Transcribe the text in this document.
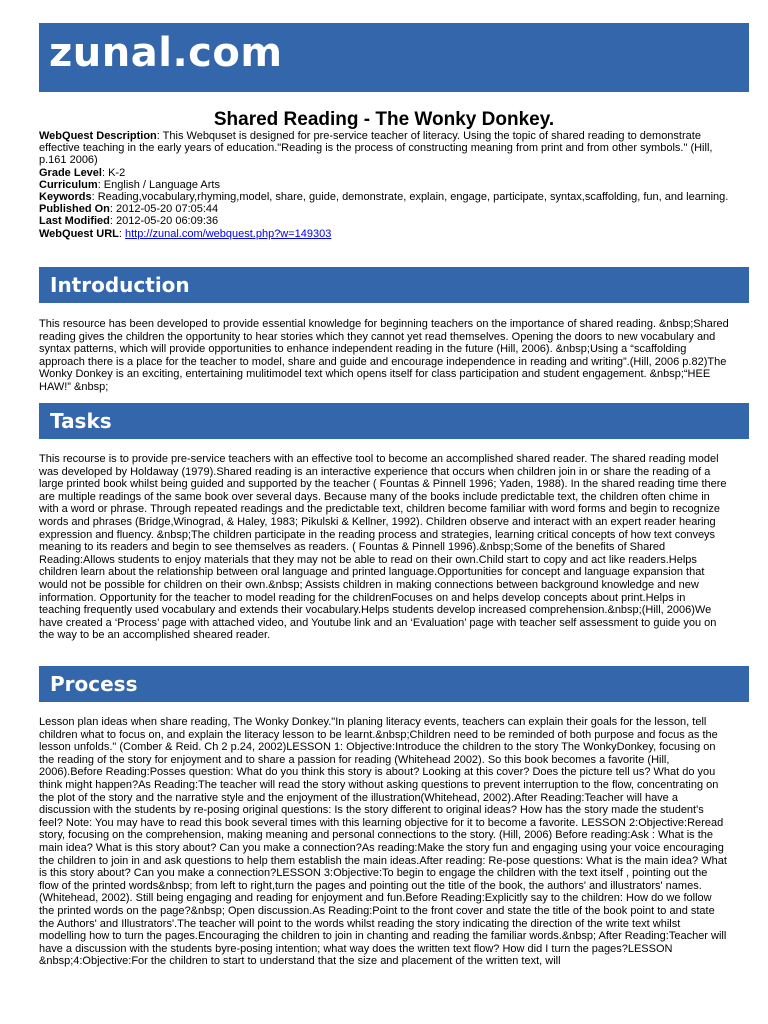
zunal.com
Shared Reading - The Wonky Donkey.

WebQuest Description: This Webquset is designed for pre-service teacher of literacy. Using the topic of shared reading to demonstrate effective teaching in the early years of education."Reading is the process of constructing meaning from print and from other symbols." (Hill, p.161 2006)

Grade Level: K-2

Curriculum: English / Language Arts

Keywords: Reading,vocabulary,rhyming,model, share, guide, demonstrate, explain, engage, participate, syntax,scaffolding, fun, and learning.

Published On: 2012-05-20 07:05:44

Last Modified: 2012-05-20 06:09:36

WebQuest URL: http://zunal.com/webquest.php?w=149303

Introduction

This resource has been developed to provide essential knowledge for beginning teachers on the importance of shared reading. &nbsp;Shared reading gives the children the opportunity to hear stories which they cannot yet read themselves. Opening the doors to new vocabulary and syntax patterns, which will provide opportunities to enhance independent reading in the future (Hill, 2006). &nbsp;Using a “scaffolding approach there is a place for the teacher to model, share and guide and encourage independence in reading and writing”.(Hill, 2006 p.82)The Wonky Donkey is an exciting, entertaining mulitimodel text which opens itself for class participation and student engagement. &nbsp;“HEE HAW!” &nbsp;

Tasks

This recourse is to provide pre-service teachers with an effective tool to become an accomplished shared reader. The shared reading model was developed by Holdaway (1979).Shared reading is an interactive experience that occurs when children join in or share the reading of a large printed book whilst being guided and supported by the teacher ( Fountas & Pinnell 1996; Yaden, 1988). In the shared reading time there are multiple readings of the same book over several days. Because many of the books include predictable text, the children often chime in with a word or phrase. Through repeated readings and the predictable text, children become familiar with word forms and begin to recognize words and phrases (Bridge,Winograd, & Haley, 1983; Pikulski & Kellner, 1992). Children observe and interact with an expert reader hearing expression and fluency. &nbsp;The children participate in the reading process and strategies, learning critical concepts of how text conveys meaning to its readers and begin to see themselves as readers. ( Fountas & Pinnell 1996).&nbsp;Some of the benefits of Shared Reading:Allows students to enjoy materials that they may not be able to read on their own.Child start to copy and act like readers.Helps children learn about the relationship between oral language and printed language.Opportunities for concept and language expansion that would not be possible for children on their own.&nbsp; Assists children in making connections between background knowledge and new information. Opportunity for the teacher to model reading for the childrenFocuses on and helps develop concepts about print.Helps in teaching frequently used vocabulary and extends their vocabulary.Helps students develop increased comprehension.&nbsp;(Hill, 2006)We have created a ‘Process’ page with attached video, and Youtube link and an ‘Evaluation’ page with teacher self assessment to guide you on the way to be an accomplished sheared reader.

Process

Lesson plan ideas when share reading, The Wonky Donkey."In planing literacy events, teachers can explain their goals for the lesson, tell children what to focus on, and explain the literacy lesson to be learnt.&nbsp;Children need to be reminded of both purpose and focus as the lesson unfolds." (Comber & Reid. Ch 2 p.24, 2002)LESSON 1: Objective:Introduce the children to the story The WonkyDonkey, focusing on the reading of the story for enjoyment and to share a passion for reading (Whitehead 2002). So this book becomes a favorite (Hill, 2006).Before Reading:Posses question: What do you think this story is about? Looking at this cover? Does the picture tell us? What do you think might happen?As Reading:The teacher will read the story without asking questions to prevent interruption to the flow, concentrating on the plot of the story and the narrative style and the enjoyment of the illustration(Whitehead, 2002).After Reading:Teacher will have a discussion with the students by re-posing original questions: Is the story different to original ideas? How has the story made the student's feel? Note: You may have to read this book several times with this learning objective for it to become a favorite. LESSON 2:Objective:Reread story, focusing on the comprehension, making meaning and personal connections to the story. (Hill, 2006) Before reading:Ask : What is the main idea? What is this story about? Can you make a connection?As reading:Make the story fun and engaging using your voice encouraging the children to join in and ask questions to help them establish the main ideas.After reading: Re-pose questions: What is the main idea? What is this story about? Can you make a connection?LESSON 3:Objective:To begin to engage the children with the text itself , pointing out the flow of the printed words&nbsp; from left to right,turn the pages and pointing out the title of the book, the authors' and illustrators' names. (Whitehead, 2002). Still being engaging and reading for enjoyment and fun.Before Reading:Explicitly say to the children: How do we follow the printed words on the page?&nbsp; Open discussion.As Reading:Point to the front cover and state the title of the book point to and state the Authors' and Illustrators'.The teacher will point to the words whilst reading the story indicating the direction of the write text whilst modelling how to turn the pages.Encouraging the children to join in chanting and reading the familiar words.&nbsp; After Reading:Teacher will have a discussion with the students byre-posing intention; what way does the written text flow? How did I turn the pages?LESSON &nbsp;4:Objective:For the children to start to understand that the size and placement of the written text, will
